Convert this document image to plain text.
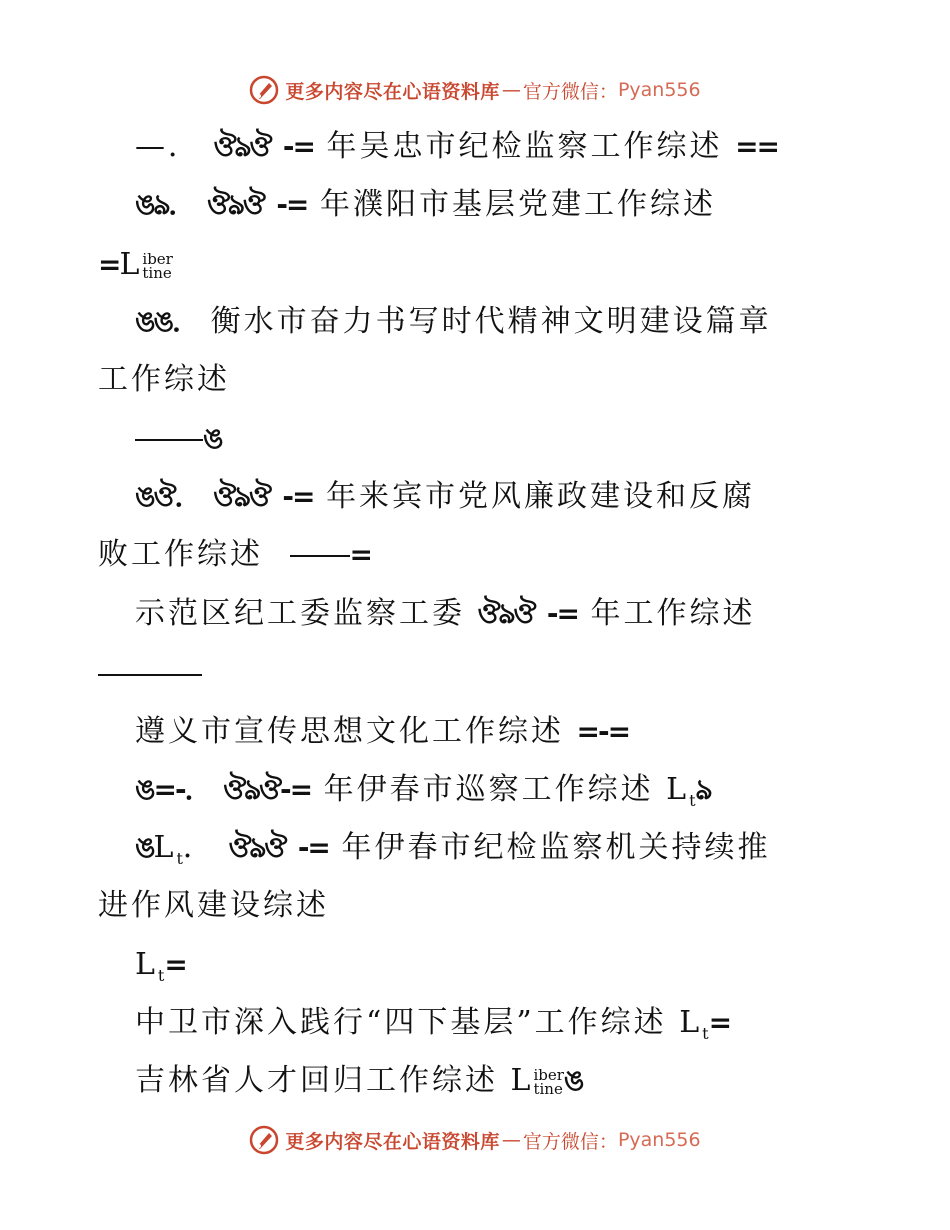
更多内容尽在心语资料库 — 官方微信： Pyan556
—． ঔঌঔ -= 年吴忠市纪检监察工作综述 ==
ঙঌ． ঔঌঔ -= 年濮阳市基层党建工作综述
=L iber
tine
ঙঙ． 衡水市奋力书写时代精神文明建设篇章
工作综述
ঙ
ঙঔ． ঔঌঔ -= 年来宾市党风廉政建设和反腐
败工作综述	=
示范区纪工委监察工委 ঔঌঔ -= 年工作综述
遵义市宣传思想文化工作综述 =-=
ঙ=-． ঔঌঔ-= 年伊春市巡察工作综述 $L_tঌ$
ঙL$_t$． ঔঌঔ -= 年伊春市纪检监察机关持续推
进作风建设综述
$L_t=$
中卫市深入践行“四下基层”工作综述 $L_t=$
吉林省人才回归工作综述 L iber
tine ঙ
更多内容尽在心语资料库 — 官方微信： Pyan556
